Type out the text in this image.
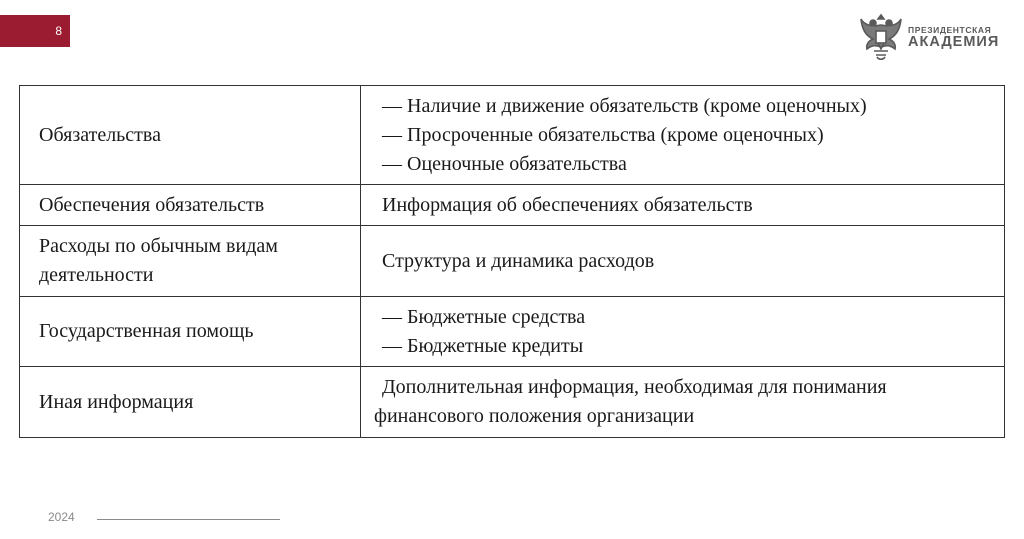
8	ПРЕЗИДЕНТСКАЯ
АКАДЕМИЯ
Обязательства	— Наличие и движение обязательств (кроме оценочных)
— Просроченные обязательства (кроме оценочных)
— Оценочные обязательства

Обеспечения обязательств	Информация об обеспечениях обязательств

Расходы по обычным видам деятельности	Структура и динамика расходов

Государственная помощь	— Бюджетные средства
— Бюджетные кредиты

Иная информация	Дополнительная информация, необходимая для понимания
финансового положения организации
2024
